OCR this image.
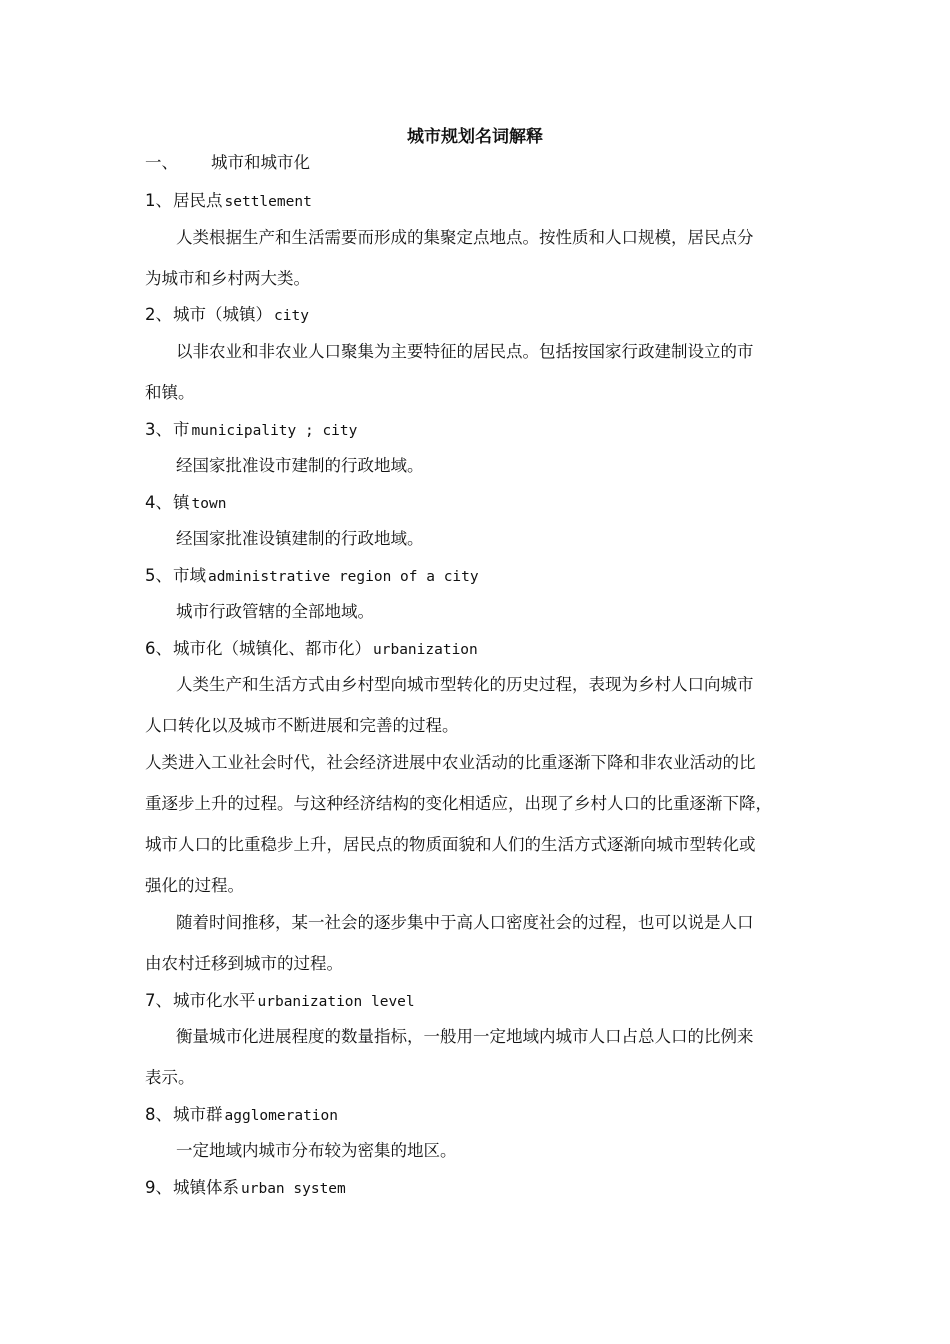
城市规划名词解释
一、 城市和城市化
1、居民点 settlement
人类根据生产和生活需要而形成的集聚定点地点。按性质和人口规模，居民点分
为城市和乡村两大类。
2、城市（城镇） city
以非农业和非农业人口聚集为主要特征的居民点。包括按国家行政建制设立的市
和镇。
3、市 municipality ; city
经国家批准设市建制的行政地域。
4、镇 town
经国家批准设镇建制的行政地域。
5、市域 administrative region of a city
城市行政管辖的全部地域。
6、城市化（城镇化、都市化） urbanization
人类生产和生活方式由乡村型向城市型转化的历史过程，表现为乡村人口向城市
人口转化以及城市不断进展和完善的过程。
人类进入工业社会时代，社会经济进展中农业活动的比重逐渐下降和非农业活动的比
重逐步上升的过程。与这种经济结构的变化相适应，出现了乡村人口的比重逐渐下降，
城市人口的比重稳步上升，居民点的物质面貌和人们的生活方式逐渐向城市型转化或
强化的过程。
随着时间推移，某一社会的逐步集中于高人口密度社会的过程，也可以说是人口
由农村迁移到城市的过程。
7、城市化水平 urbanization level
衡量城市化进展程度的数量指标，一般用一定地域内城市人口占总人口的比例来
表示。
8、城市群 agglomeration
一定地域内城市分布较为密集的地区。
9、城镇体系 urban system
